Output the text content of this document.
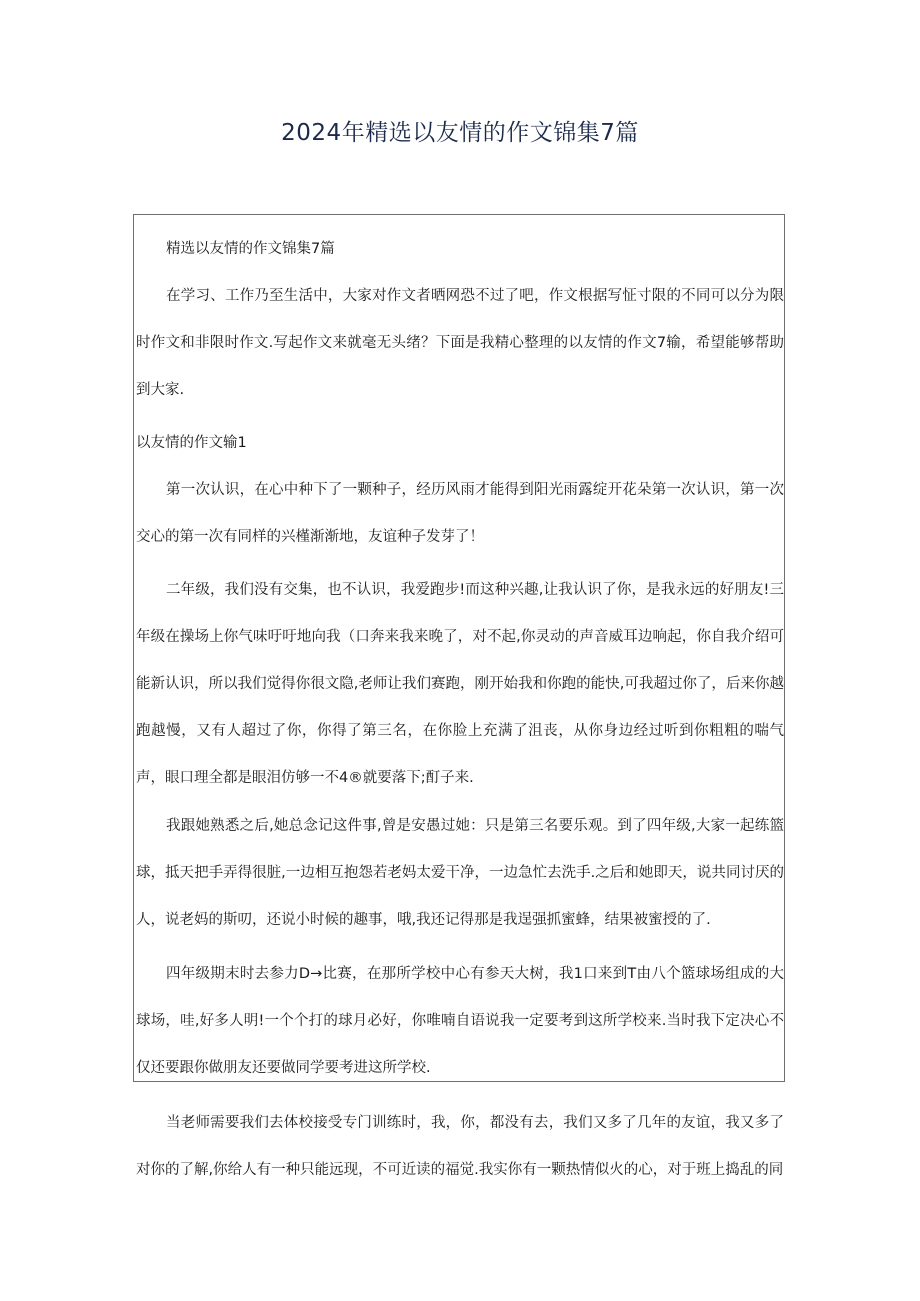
2024年精选以友情的作文锦集7篇

精选以友情的作文锦集7篇

在学习、工作乃至生活中，大家对作文者晒网恐不过了吧，作文根据写怔寸限的不同可以分为限时作文和非限时作文.写起作文来就毫无头绪？下面是我精心整理的以友情的作文7输，希望能够帮助到大家.

以友情的作文输1

第一次认识，在心中种下了一颗种子，经历风雨才能得到阳光雨露绽开花朵第一次认识，第一次交心的第一次有同样的兴槿渐渐地，友谊种子发芽了！

二年级，我们没有交集，也不认识，我爱跑步!而这种兴趣,让我认识了你，是我永远的好朋友!三年级在操场上你气味吁吁地向我（口奔来我来晚了，对不起,你灵动的声音威耳边响起，你自我介绍可能新认识，所以我们觉得你很文隐,老师让我们赛跑，刚开始我和你跑的能快,可我超过你了，后来你越跑越慢，又有人超过了你，你得了第三名，在你脸上充满了沮丧，从你身边经过听到你粗粗的喘气声，眼口理全都是眼泪仿够一不4®就要落下;酊子来.

我跟她熟悉之后,她总念记这件事,曾是安愚过她：只是第三名要乐观。到了四年级,大家一起练篮球，抵天把手弄得很脏,一边相互抱怨若老妈太爱干净，一边急忙去洗手.之后和她即天，说共同讨厌的人，说老妈的斯叨，还说小时候的趣事，哦,我还记得那是我逞强抓蜜蜂，结果被蜜授的了.

四年级期末时去参力D→比赛，在那所学校中心有参天大树，我1口来到T由八个篮球场组成的大球场，哇,好多人明!一个个打的球月必好，你唯喃自语说我一定要考到这所学校来.当时我下定决心不仅还要跟你做朋友还要做同学要考进这所学校.

当老师需要我们去体校接受专门训练时，我，你，都没有去，我们又多了几年的友谊，我又多了对你的了解,你给人有一种只能远现，不可近读的福觉.我实你有一颗热情似火的心，对于班上捣乱的同
